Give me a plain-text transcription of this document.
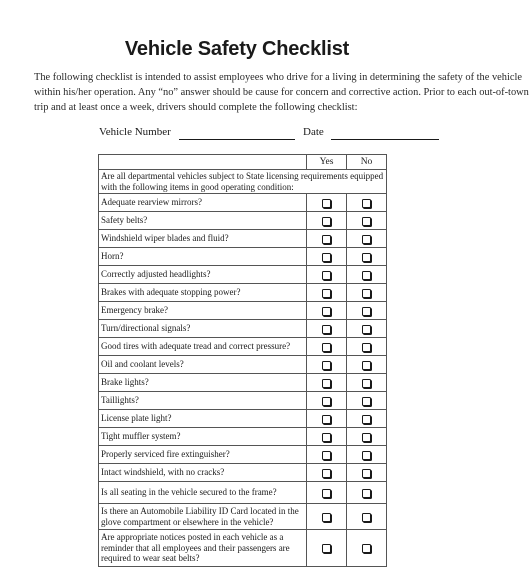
Vehicle Safety Checklist
The following checklist is intended to assist employees who drive for a living in determining the safety of the vehicle
within his/her operation. Any “no” answer should be cause for concern and corrective action. Prior to each out-of-town
trip and at least once a week, drivers should complete the following checklist:
Vehicle Number	Date
	Yes	No
Are all departmental vehicles subject to State licensing requirements equipped with the following items in good operating condition:		
Adequate rearview mirrors?		
Safety belts?		
Windshield wiper blades and fluid?		
Horn?		
Correctly adjusted headlights?		
Brakes with adequate stopping power?		
Emergency brake?		
Turn/directional signals?		
Good tires with adequate tread and correct pressure?		
Oil and coolant levels?		
Brake lights?		
Taillights?		
License plate light?		
Tight muffler system?		
Properly serviced fire extinguisher?		
Intact windshield, with no cracks?		
Is all seating in the vehicle secured to the frame?		
Is there an Automobile Liability ID Card located in the glove compartment or elsewhere in the vehicle?		
Are appropriate notices posted in each vehicle as a reminder that all employees and their passengers are required to wear seat belts?		
